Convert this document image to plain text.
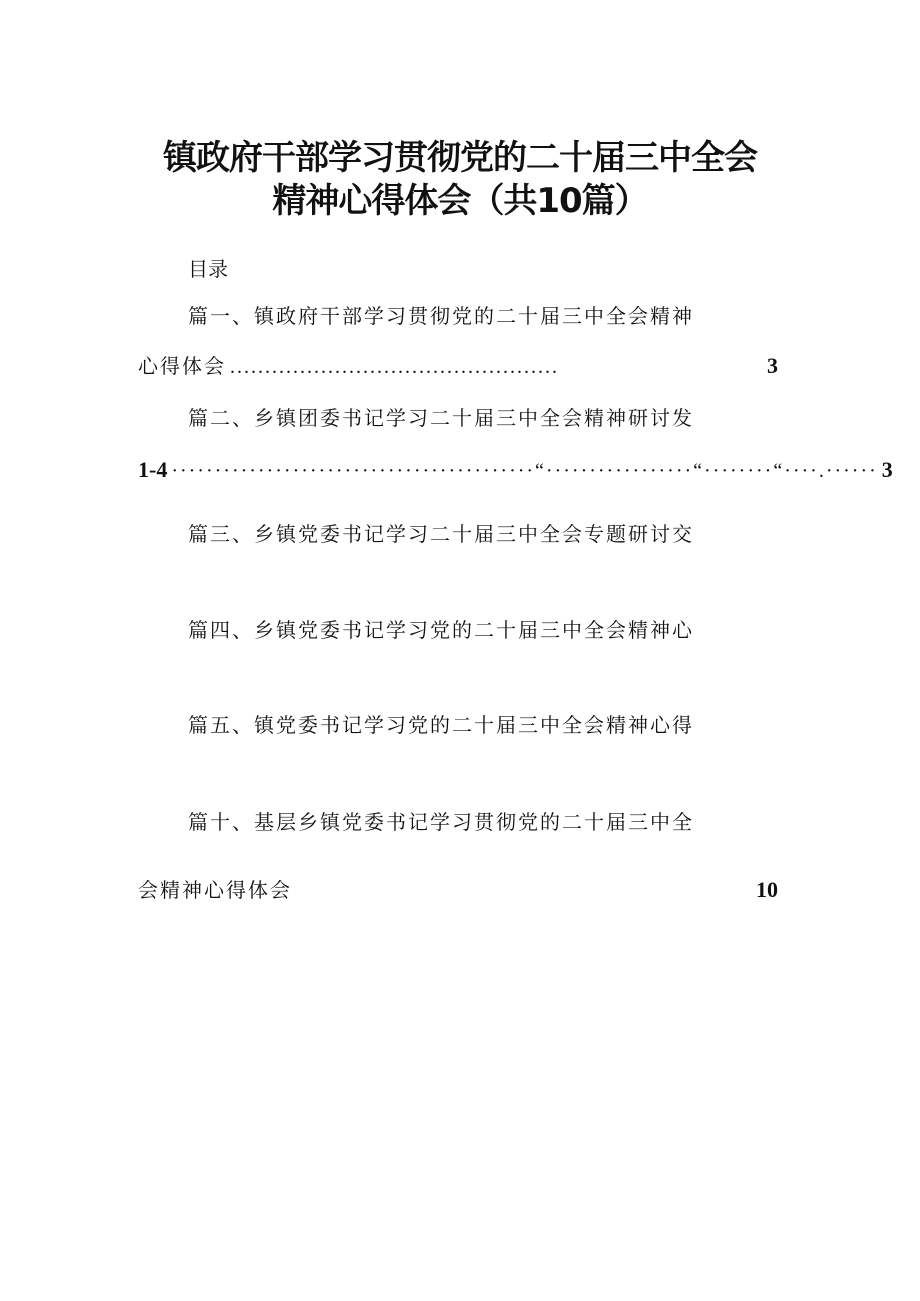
镇政府干部学习贯彻党的二十届三中全会
精神心得体会（共10篇）
目录
篇一、镇政府干部学习贯彻党的二十届三中全会精神
心得体会 ...............................................	3
篇二、乡镇团委书记学习二十届三中全会精神研讨发
1-4 ··········································“·················“········“····.······ 3
篇三、乡镇党委书记学习二十届三中全会专题研讨交
篇四、乡镇党委书记学习党的二十届三中全会精神心
篇五、镇党委书记学习党的二十届三中全会精神心得
篇十、基层乡镇党委书记学习贯彻党的二十届三中全
会精神心得体会	10
